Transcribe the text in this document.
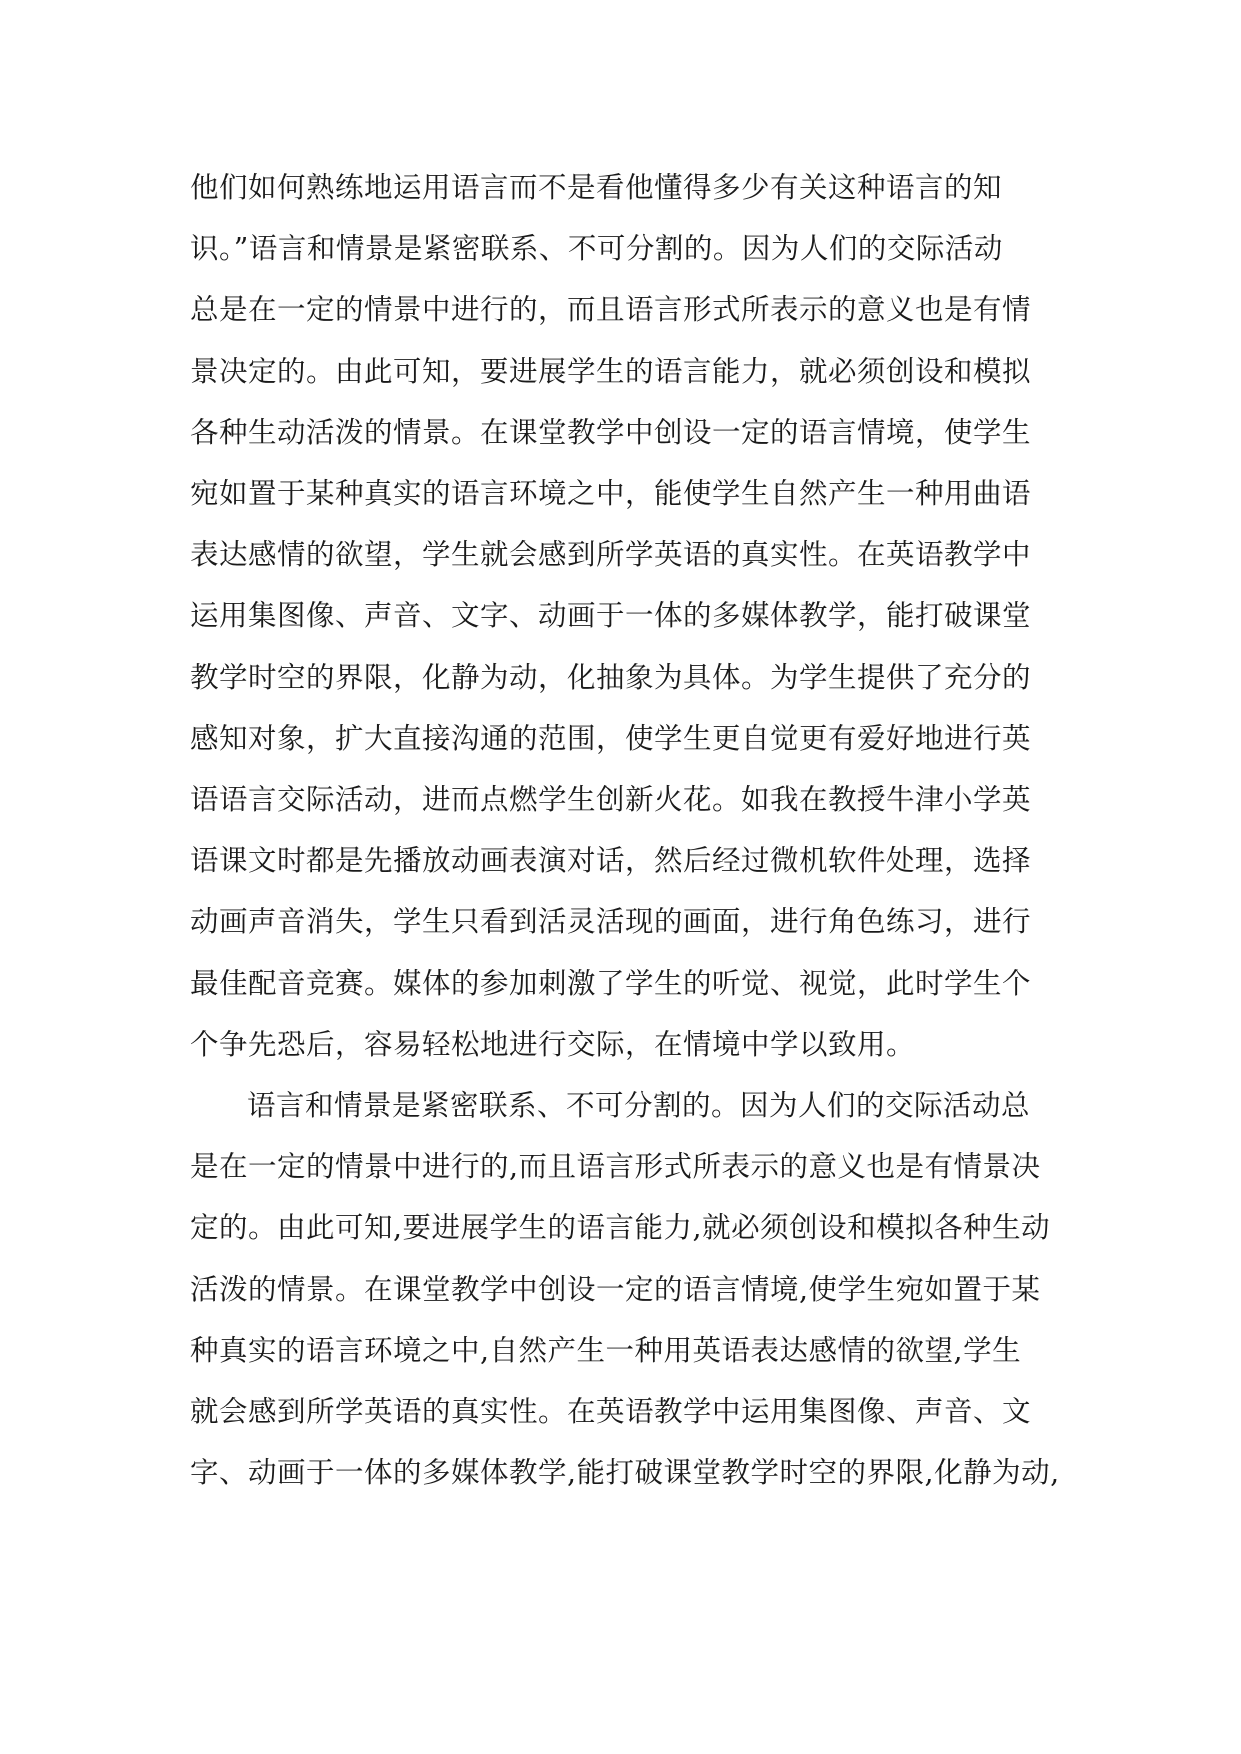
他们如何熟练地运用语言而不是看他懂得多少有关这种语言的知
识。”语言和情景是紧密联系、不可分割的。因为人们的交际活动
总是在一定的情景中进行的，而且语言形式所表示的意义也是有情
景决定的。由此可知，要进展学生的语言能力，就必须创设和模拟
各种生动活泼的情景。在课堂教学中创设一定的语言情境，使学生
宛如置于某种真实的语言环境之中，能使学生自然产生一种用曲语
表达感情的欲望，学生就会感到所学英语的真实性。在英语教学中
运用集图像、声音、文字、动画于一体的多媒体教学，能打破课堂
教学时空的界限，化静为动，化抽象为具体。为学生提供了充分的
感知对象，扩大直接沟通的范围，使学生更自觉更有爱好地进行英
语语言交际活动，进而点燃学生创新火花。如我在教授牛津小学英
语课文时都是先播放动画表演对话，然后经过微机软件处理，选择
动画声音消失，学生只看到活灵活现的画面，进行角色练习，进行
最佳配音竞赛。媒体的参加刺激了学生的听觉、视觉，此时学生个
个争先恐后，容易轻松地进行交际，在情境中学以致用。

语言和情景是紧密联系、不可分割的。因为人们的交际活动总
是在一定的情景中进行的,而且语言形式所表示的意义也是有情景决
定的。由此可知,要进展学生的语言能力,就必须创设和模拟各种生动
活泼的情景。在课堂教学中创设一定的语言情境,使学生宛如置于某
种真实的语言环境之中,自然产生一种用英语表达感情的欲望,学生
就会感到所学英语的真实性。在英语教学中运用集图像、声音、文
字、动画于一体的多媒体教学,能打破课堂教学时空的界限,化静为动,
